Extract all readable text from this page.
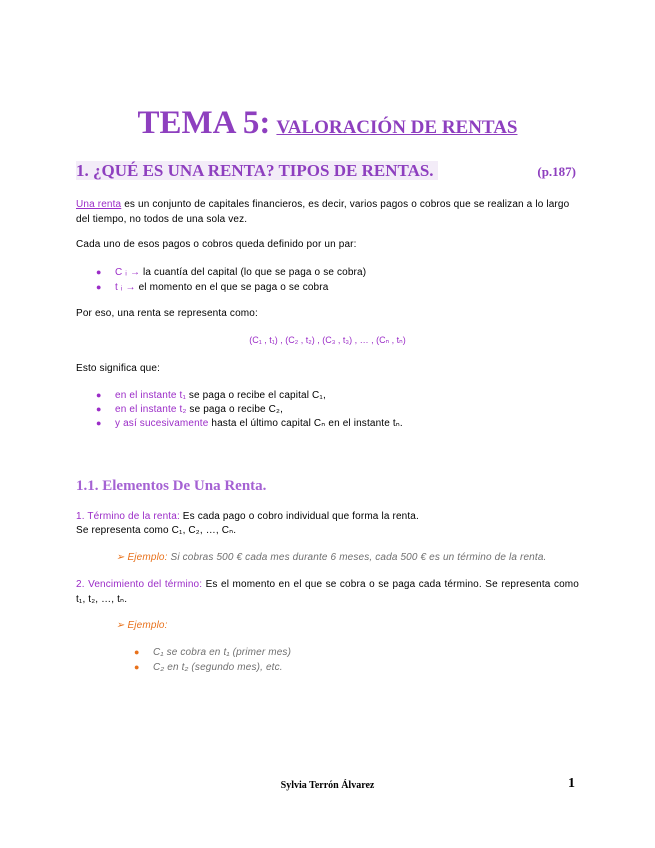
TEMA 5: VALORACIÓN DE RENTAS
1. ¿QUÉ ES UNA RENTA? TIPOS DE RENTAS.	(p.187)
Una renta es un conjunto de capitales financieros, es decir, varios pagos o cobros que se realizan a lo largo del tiempo, no todos de una sola vez.
Cada uno de esos pagos o cobros queda definido por un par:
● C ᵢ → la cuantía del capital (lo que se paga o se cobra)
● t ᵢ → el momento en el que se paga o se cobra
Por eso, una renta se representa como:
(C₁ , t₁) , (C₂ , t₂) , (C₃ , t₃) , … , (Cₙ , tₙ)
Esto significa que:
● en el instante t₁ se paga o recibe el capital C₁,
● en el instante t₂ se paga o recibe C₂,
● y así sucesivamente hasta el último capital Cₙ en el instante tₙ.
1.1. Elementos De Una Renta.
1. Término de la renta: Es cada pago o cobro individual que forma la renta.
Se representa como C₁, C₂, …, Cₙ.
➢ Ejemplo: Si cobras 500 € cada mes durante 6 meses, cada 500 € es un término de la renta.
2. Vencimiento del término: Es el momento en el que se cobra o se paga cada término. Se representa como t₁, t₂, …, tₙ.
➢ Ejemplo:
● C₁ se cobra en t₁ (primer mes)
● C₂ en t₂ (segundo mes), etc.
Sylvia Terrón Álvarez	1
